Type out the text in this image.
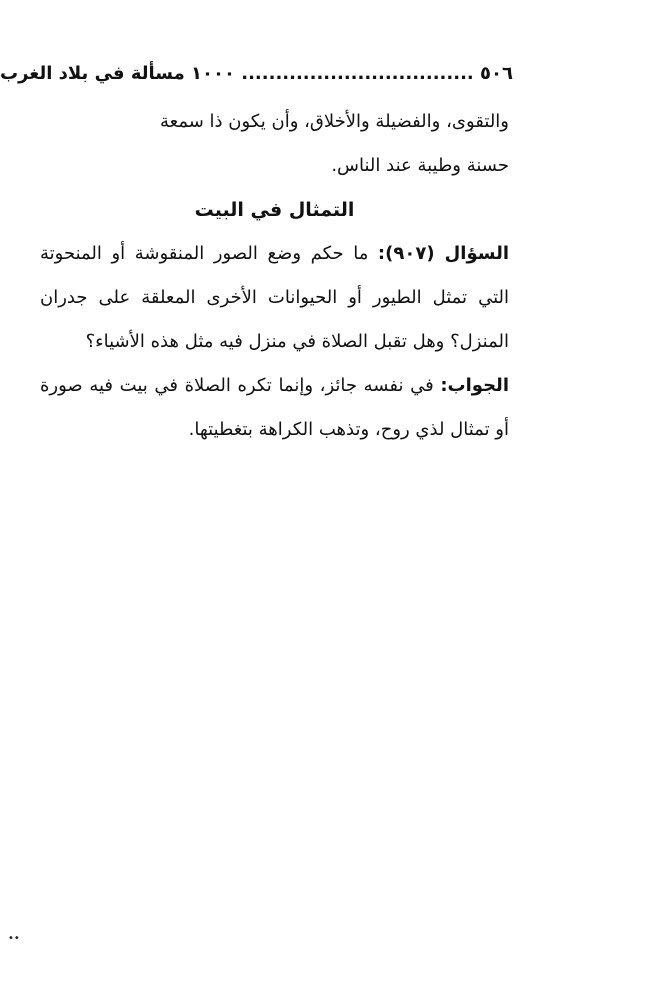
٥٠٦ .................................. ١٠٠٠ مسألة في بلاد الغرب

والتقوى، والفضيلة والأخلاق، وأن يكون ذا سمعة

حسنة وطيبة عند الناس.

التمثال في البيت

السؤال (٩٠٧): ما حكم وضع الصور المنقوشة أو المنحوتة التي تمثل الطيور أو الحيوانات الأخرى المعلقة على جدران المنزل؟ وهل تقبل الصلاة في منزل فيه مثل هذه الأشياء؟

الجواب: في نفسه جائز، وإنما تكره الصلاة في بيت فيه صورة أو تمثال لذي روح، وتذهب الكراهة بتغطيتها.

••
